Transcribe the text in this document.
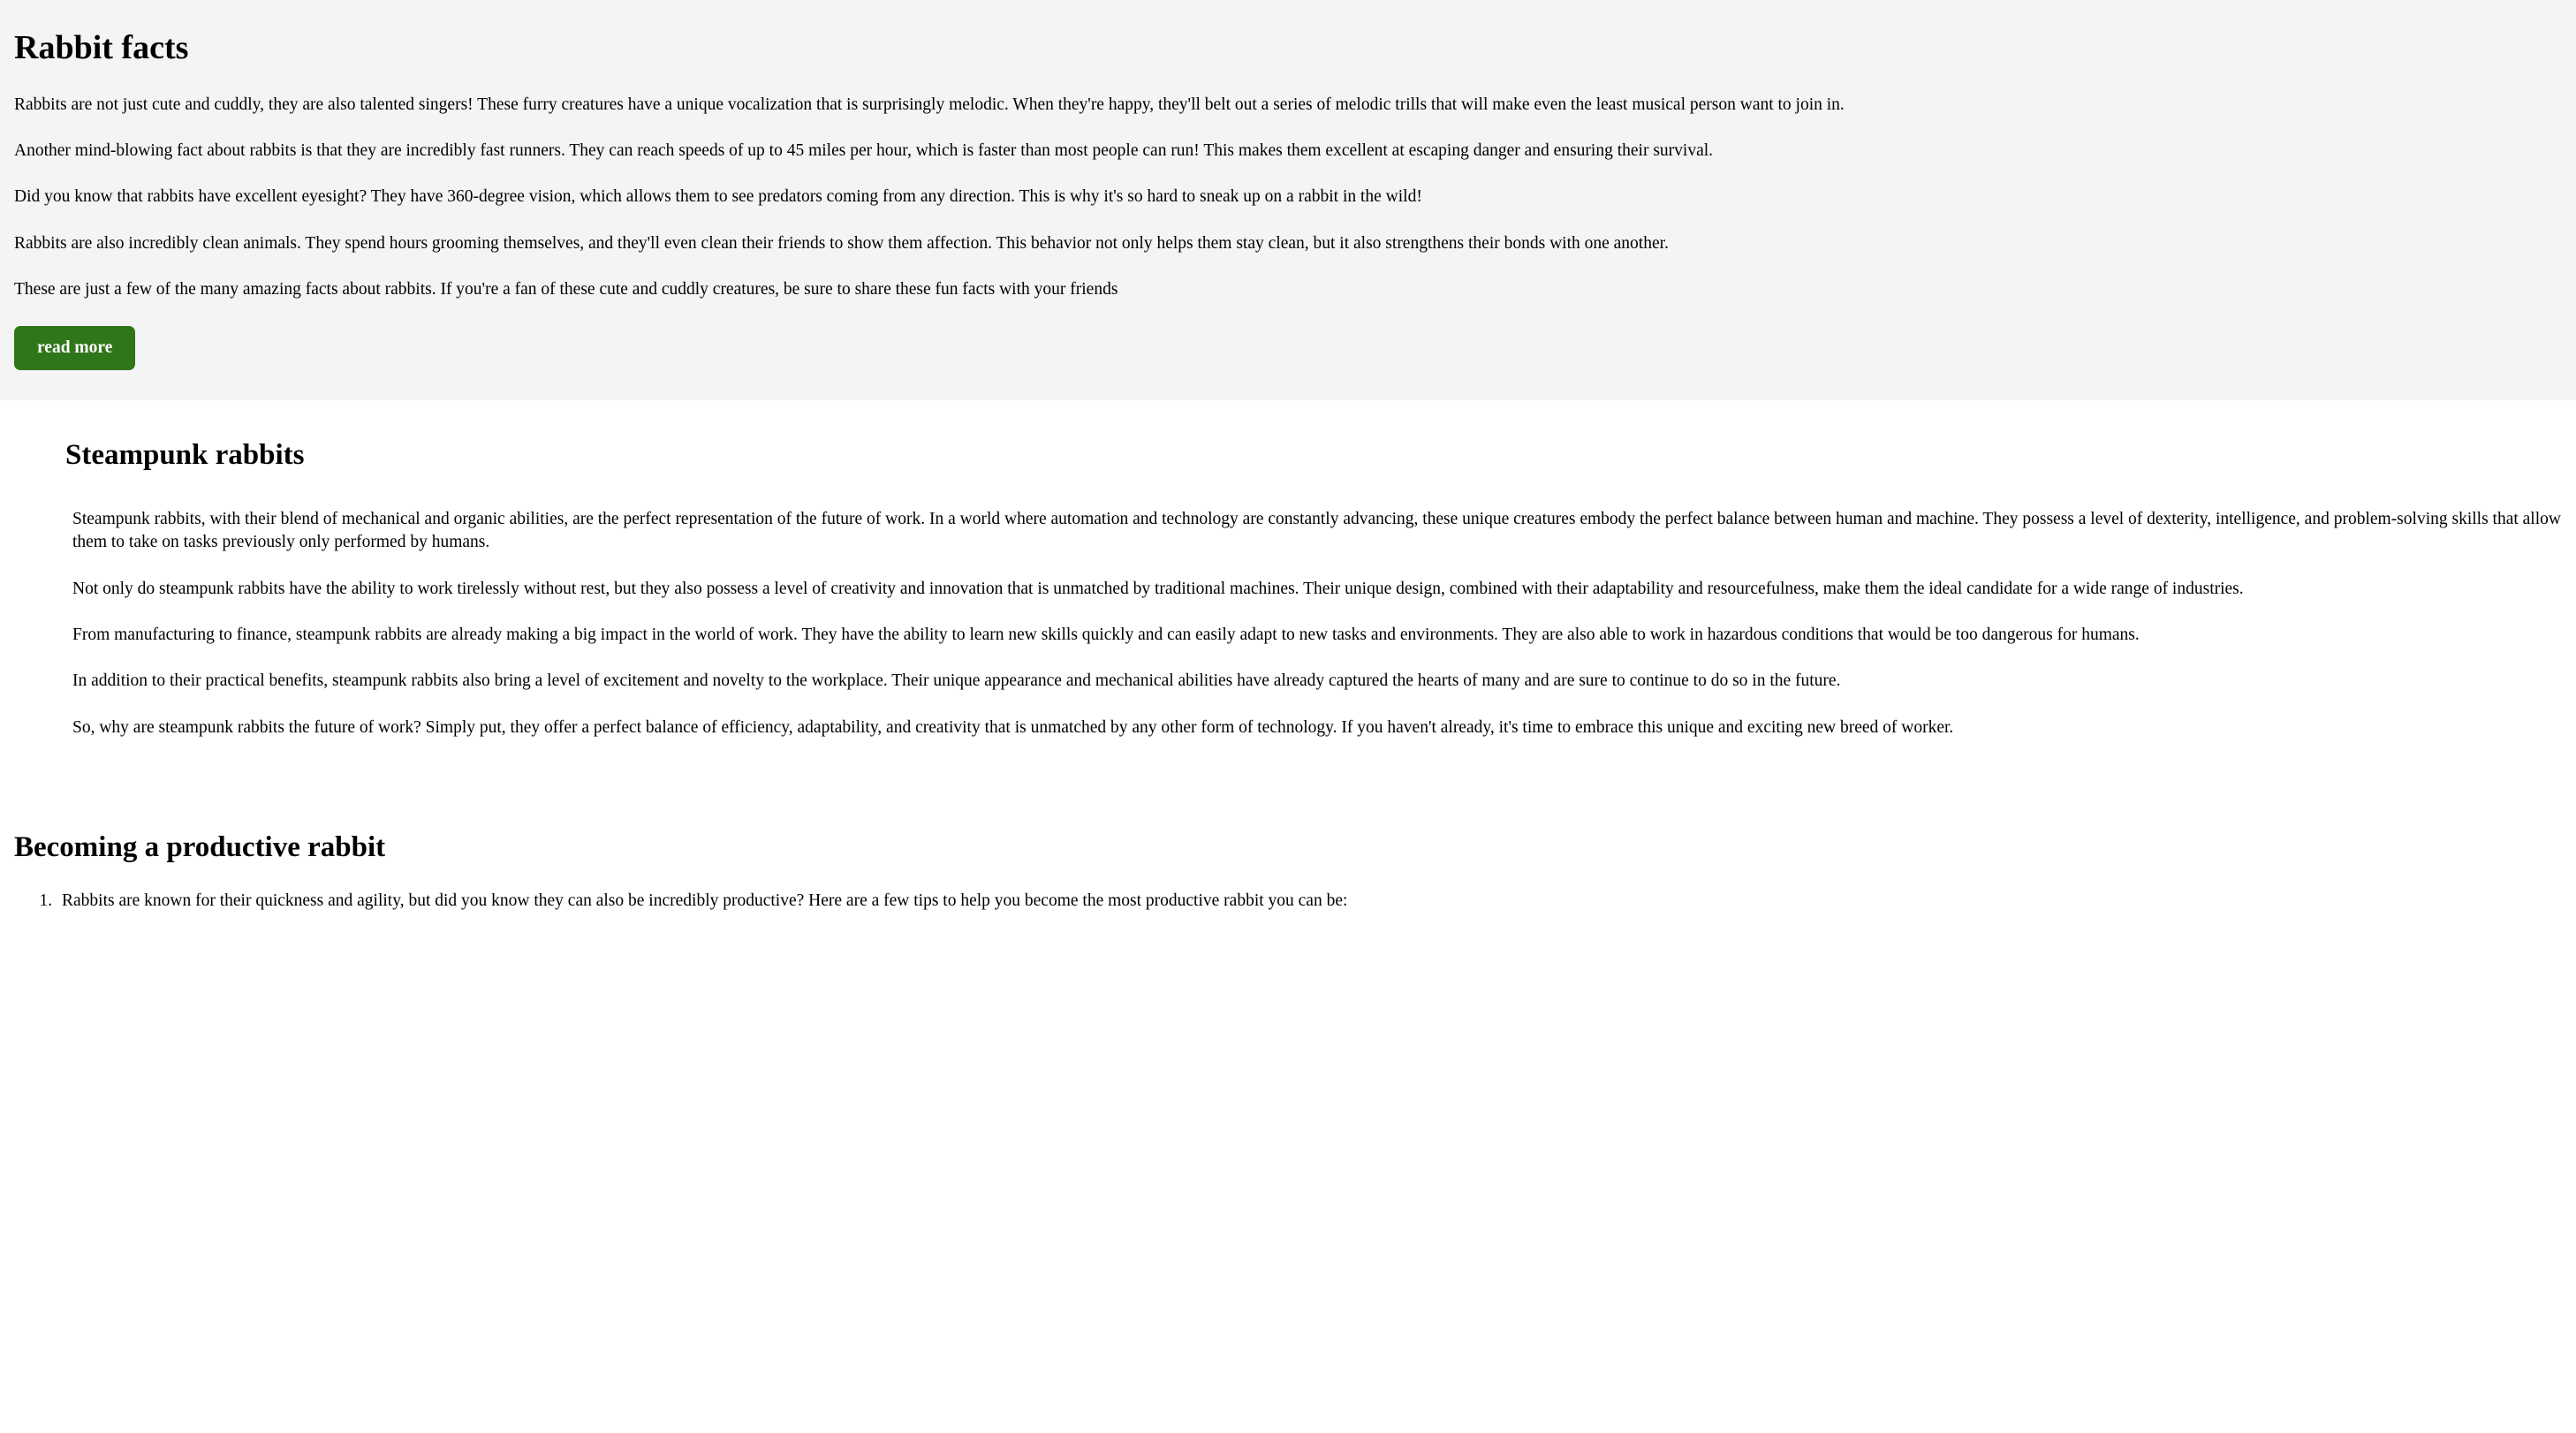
Rabbit facts

Rabbits are not just cute and cuddly, they are also talented singers! These furry creatures have a unique vocalization that is surprisingly melodic. When they're happy, they'll belt out a series of melodic trills that will make even the least musical person want to join in.

Another mind-blowing fact about rabbits is that they are incredibly fast runners. They can reach speeds of up to 45 miles per hour, which is faster than most people can run! This makes them excellent at escaping danger and ensuring their survival.

Did you know that rabbits have excellent eyesight? They have 360-degree vision, which allows them to see predators coming from any direction. This is why it's so hard to sneak up on a rabbit in the wild!

Rabbits are also incredibly clean animals. They spend hours grooming themselves, and they'll even clean their friends to show them affection. This behavior not only helps them stay clean, but it also strengthens their bonds with one another.

These are just a few of the many amazing facts about rabbits. If you're a fan of these cute and cuddly creatures, be sure to share these fun facts with your friends

read more
Steampunk rabbits

Steampunk rabbits, with their blend of mechanical and organic abilities, are the perfect representation of the future of work. In a world where automation and technology are constantly advancing, these unique creatures embody the perfect balance between human and machine. They possess a level of dexterity, intelligence, and problem-solving skills that allow them to take on tasks previously only performed by humans.

Not only do steampunk rabbits have the ability to work tirelessly without rest, but they also possess a level of creativity and innovation that is unmatched by traditional machines. Their unique design, combined with their adaptability and resourcefulness, make them the ideal candidate for a wide range of industries.

From manufacturing to finance, steampunk rabbits are already making a big impact in the world of work. They have the ability to learn new skills quickly and can easily adapt to new tasks and environments. They are also able to work in hazardous conditions that would be too dangerous for humans.

In addition to their practical benefits, steampunk rabbits also bring a level of excitement and novelty to the workplace. Their unique appearance and mechanical abilities have already captured the hearts of many and are sure to continue to do so in the future.

So, why are steampunk rabbits the future of work? Simply put, they offer a perfect balance of efficiency, adaptability, and creativity that is unmatched by any other form of technology. If you haven't already, it's time to embrace this unique and exciting new breed of worker.

Becoming a productive rabbit
1. Rabbits are known for their quickness and agility, but did you know they can also be incredibly productive? Here are a few tips to help you become the most productive rabbit you can be:
